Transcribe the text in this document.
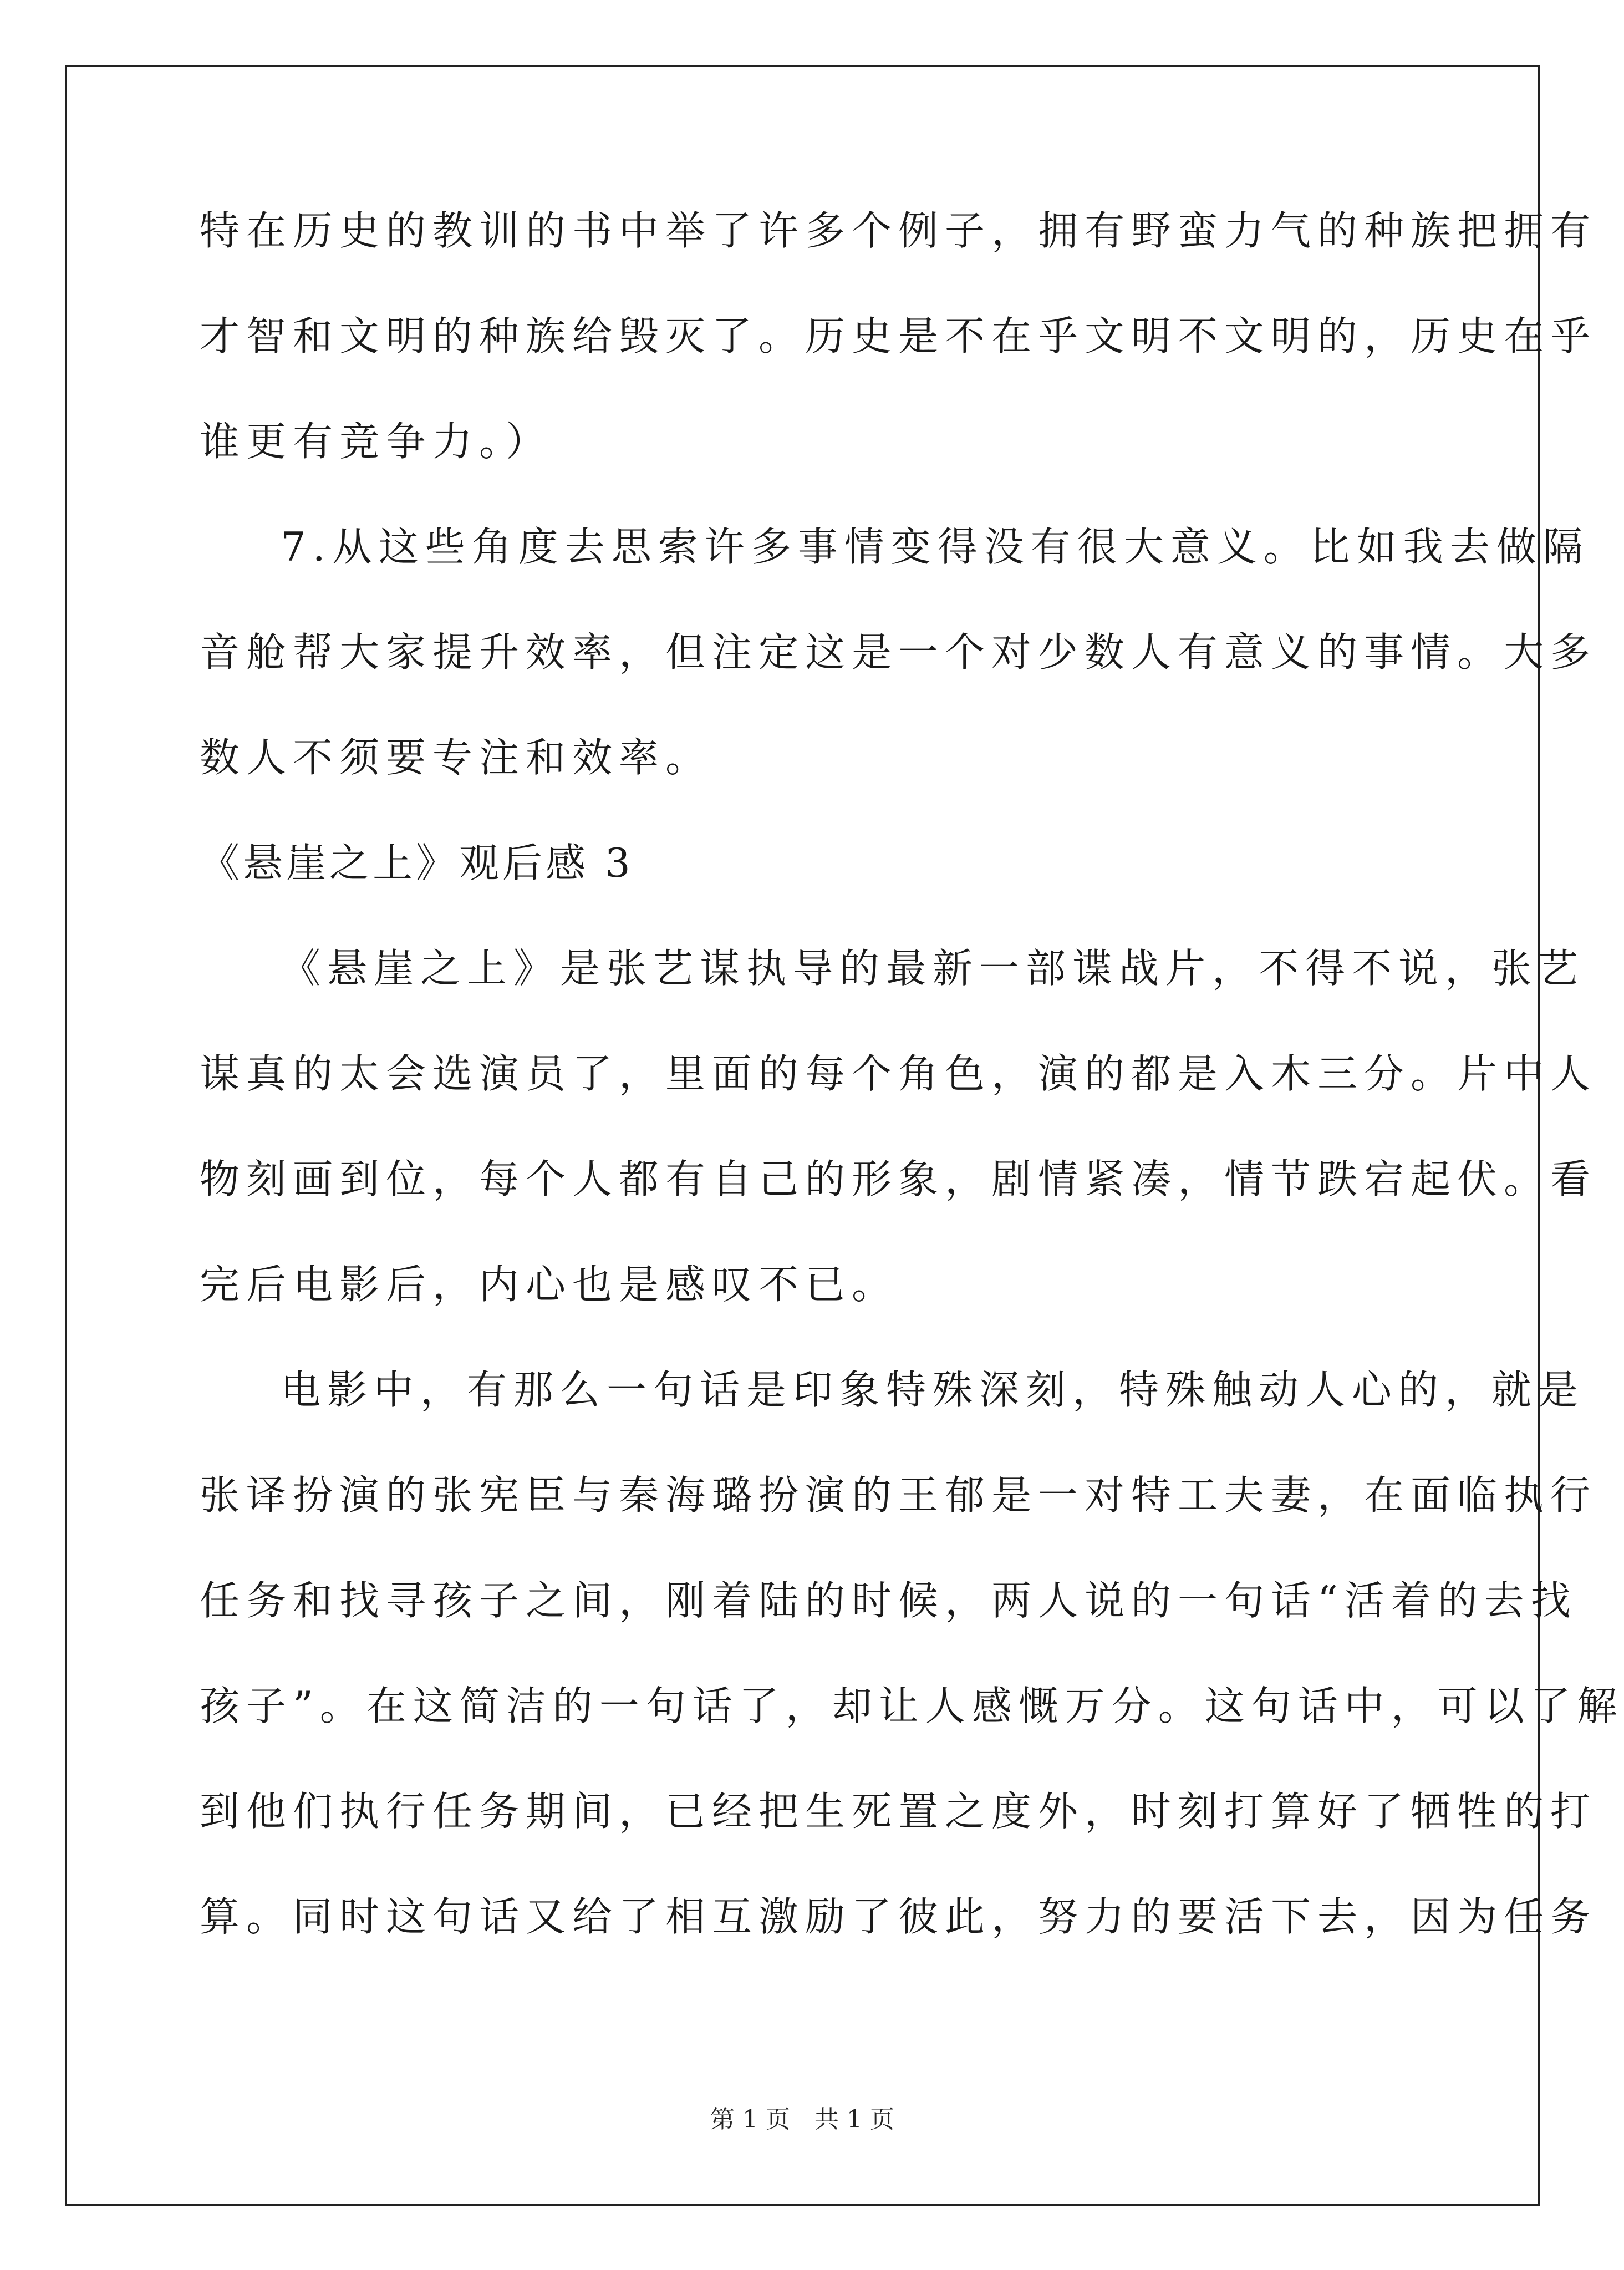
特在历史的教训的书中举了许多个例子，拥有野蛮力气的种族把拥有

才智和文明的种族给毁灭了。历史是不在乎文明不文明的，历史在乎

谁更有竞争力。）

7.从这些角度去思索许多事情变得没有很大意义。比如我去做隔

音舱帮大家提升效率，但注定这是一个对少数人有意义的事情。大多

数人不须要专注和效率。

《悬崖之上》观后感 3

《悬崖之上》是张艺谋执导的最新一部谍战片，不得不说，张艺

谋真的太会选演员了，里面的每个角色，演的都是入木三分。片中人

物刻画到位，每个人都有自己的形象，剧情紧凑，情节跌宕起伏。看

完后电影后，内心也是感叹不已。

电影中，有那么一句话是印象特殊深刻，特殊触动人心的，就是

张译扮演的张宪臣与秦海璐扮演的王郁是一对特工夫妻，在面临执行

任务和找寻孩子之间，刚着陆的时候，两人说的一句话“活着的去找

孩子”。在这简洁的一句话了，却让人感慨万分。这句话中，可以了解

到他们执行任务期间，已经把生死置之度外，时刻打算好了牺牲的打

算。同时这句话又给了相互激励了彼此，努力的要活下去，因为任务

第 1 页　共 1 页
